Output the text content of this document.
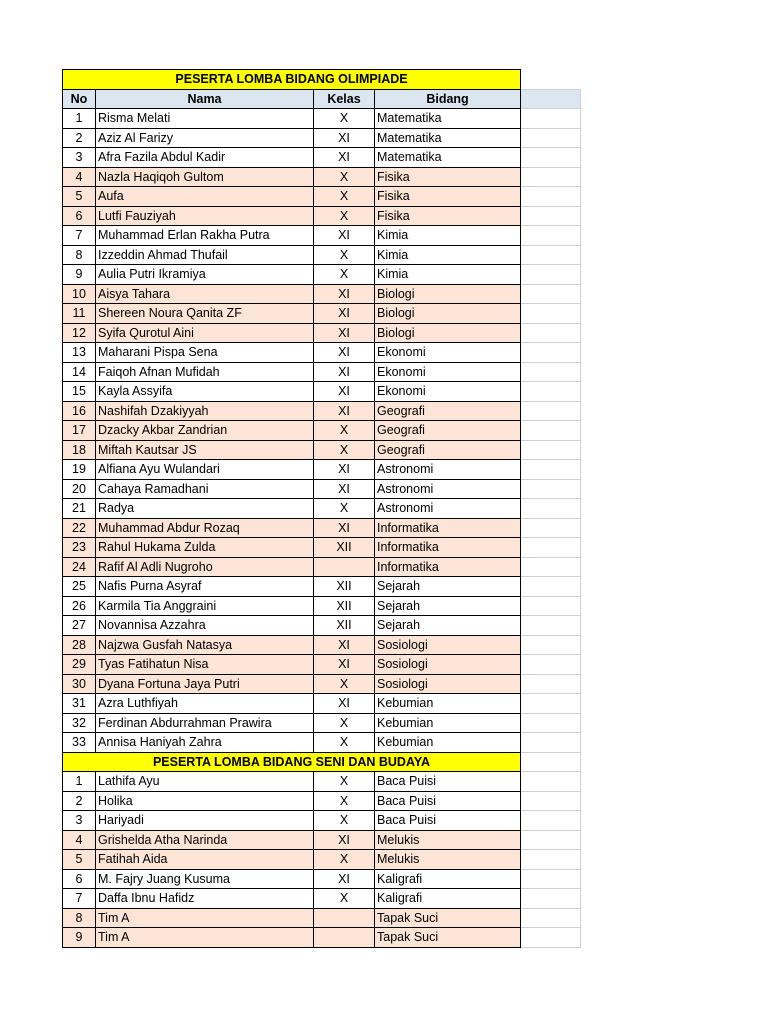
PESERTA LOMBA BIDANG OLIMPIADE				
No	Nama	Kelas	Bidang	
1	Risma Melati	X	Matematika	
2	Aziz Al Farizy	XI	Matematika	
3	Afra Fazila Abdul Kadir	XI	Matematika	
4	Nazla Haqiqoh Gultom	X	Fisika	
5	Aufa	X	Fisika	
6	Lutfi Fauziyah	X	Fisika	
7	Muhammad Erlan Rakha Putra	XI	Kimia	
8	Izzeddin Ahmad Thufail	X	Kimia	
9	Aulia Putri Ikramiya	X	Kimia	
10	Aisya Tahara	XI	Biologi	
11	Shereen Noura Qanita ZF	XI	Biologi	
12	Syifa Qurotul Aini	XI	Biologi	
13	Maharani Pispa Sena	XI	Ekonomi	
14	Faiqoh Afnan Mufidah	XI	Ekonomi	
15	Kayla Assyifa	XI	Ekonomi	
16	Nashifah Dzakiyyah	XI	Geografi	
17	Dzacky Akbar Zandrian	X	Geografi	
18	Miftah Kautsar JS	X	Geografi	
19	Alfiana Ayu Wulandari	XI	Astronomi	
20	Cahaya Ramadhani	XI	Astronomi	
21	Radya	X	Astronomi	
22	Muhammad Abdur Rozaq	XI	Informatika	
23	Rahul Hukama Zulda	XII	Informatika	
24	Rafif Al Adli Nugroho		Informatika	
25	Nafis Purna Asyraf	XII	Sejarah	
26	Karmila Tia Anggraini	XII	Sejarah	
27	Novannisa Azzahra	XII	Sejarah	
28	Najzwa Gusfah Natasya	XI	Sosiologi	
29	Tyas Fatihatun Nisa	XI	Sosiologi	
30	Dyana Fortuna Jaya Putri	X	Sosiologi	
31	Azra Luthfiyah	XI	Kebumian	
32	Ferdinan Abdurrahman Prawira	X	Kebumian	
33	Annisa Haniyah Zahra	X	Kebumian	
PESERTA LOMBA BIDANG SENI DAN BUDAYA				
1	Lathifa Ayu	X	Baca Puisi	
2	Holika	X	Baca Puisi	
3	Hariyadi	X	Baca Puisi	
4	Grishelda Atha Narinda	XI	Melukis	
5	Fatihah Aida	X	Melukis	
6	M. Fajry Juang Kusuma	XI	Kaligrafi	
7	Daffa Ibnu Hafidz	X	Kaligrafi	
8	Tim A		Tapak Suci	
9	Tim A		Tapak Suci	
